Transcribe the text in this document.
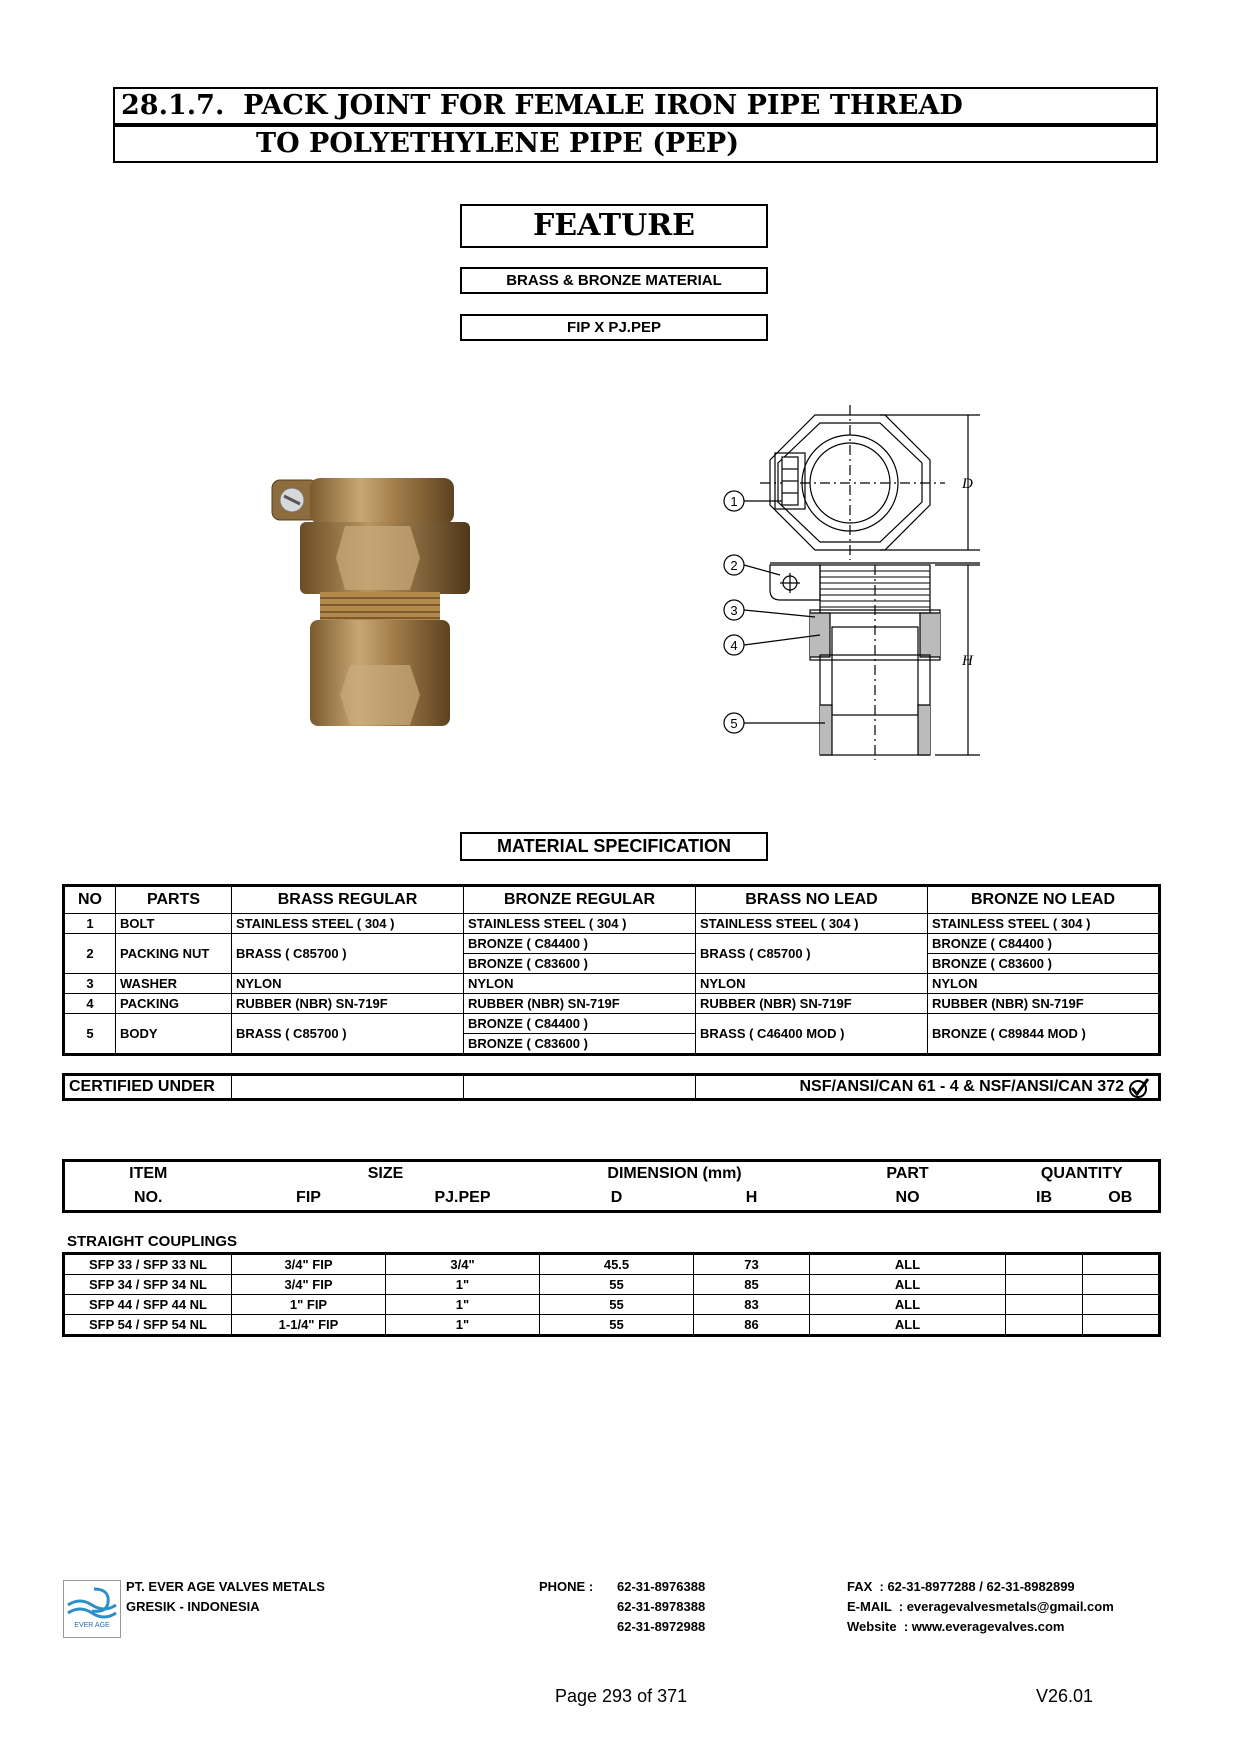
28.1.7.  PACK JOINT FOR FEMALE IRON PIPE THREAD
TO POLYETHYLENE PIPE (PEP)
FEATURE
BRASS & BRONZE MATERIAL
FIP X PJ.PEP
1
2
3
4
5
D
H
MATERIAL SPECIFICATION
NO	PARTS	BRASS REGULAR	BRONZE REGULAR	BRASS NO LEAD	BRONZE NO LEAD
1	BOLT	STAINLESS STEEL ( 304 )	STAINLESS STEEL ( 304 )	STAINLESS STEEL ( 304 )	STAINLESS STEEL ( 304 )
2	PACKING NUT	BRASS ( C85700 )	BRONZE ( C84400 )	BRASS ( C85700 )	BRONZE ( C84400 )
			BRONZE ( C83600 )		BRONZE ( C83600 )
3	WASHER	NYLON	NYLON	NYLON	NYLON
4	PACKING	RUBBER (NBR) SN-719F	RUBBER (NBR) SN-719F	RUBBER (NBR) SN-719F	RUBBER (NBR) SN-719F
5	BODY	BRASS ( C85700 )	BRONZE ( C84400 )	BRASS ( C46400 MOD )	BRONZE ( C89844 MOD )
			BRONZE ( C83600 )		
CERTIFIED UNDER			NSF/ANSI/CAN 61 - 4 & NSF/ANSI/CAN 372
ITEM	SIZE		DIMENSION (mm)		PART	QUANTITY	
NO.	FIP	PJ.PEP	D	H	NO	IB	OB
STRAIGHT COUPLINGS
SFP 33 / SFP 33 NL	3/4" FIP	3/4"	45.5	73	ALL		
SFP 34 / SFP 34 NL	3/4" FIP	1"	55	85	ALL		
SFP 44 / SFP 44 NL	1" FIP	1"	55	83	ALL		
SFP 54 / SFP 54 NL	1-1/4" FIP	1"	55	86	ALL		
EVER AGE
PT. EVER AGE VALVES METALS
GRESIK - INDONESIA
PHONE : 62-31-8976388
62-31-8978388
62-31-8972988
FAX  : 62-31-8977288 / 62-31-8982899
E-MAIL  : everagevalvesmetals@gmail.com
Website  : www.everagevalves.com
Page 293 of 371	V26.01
